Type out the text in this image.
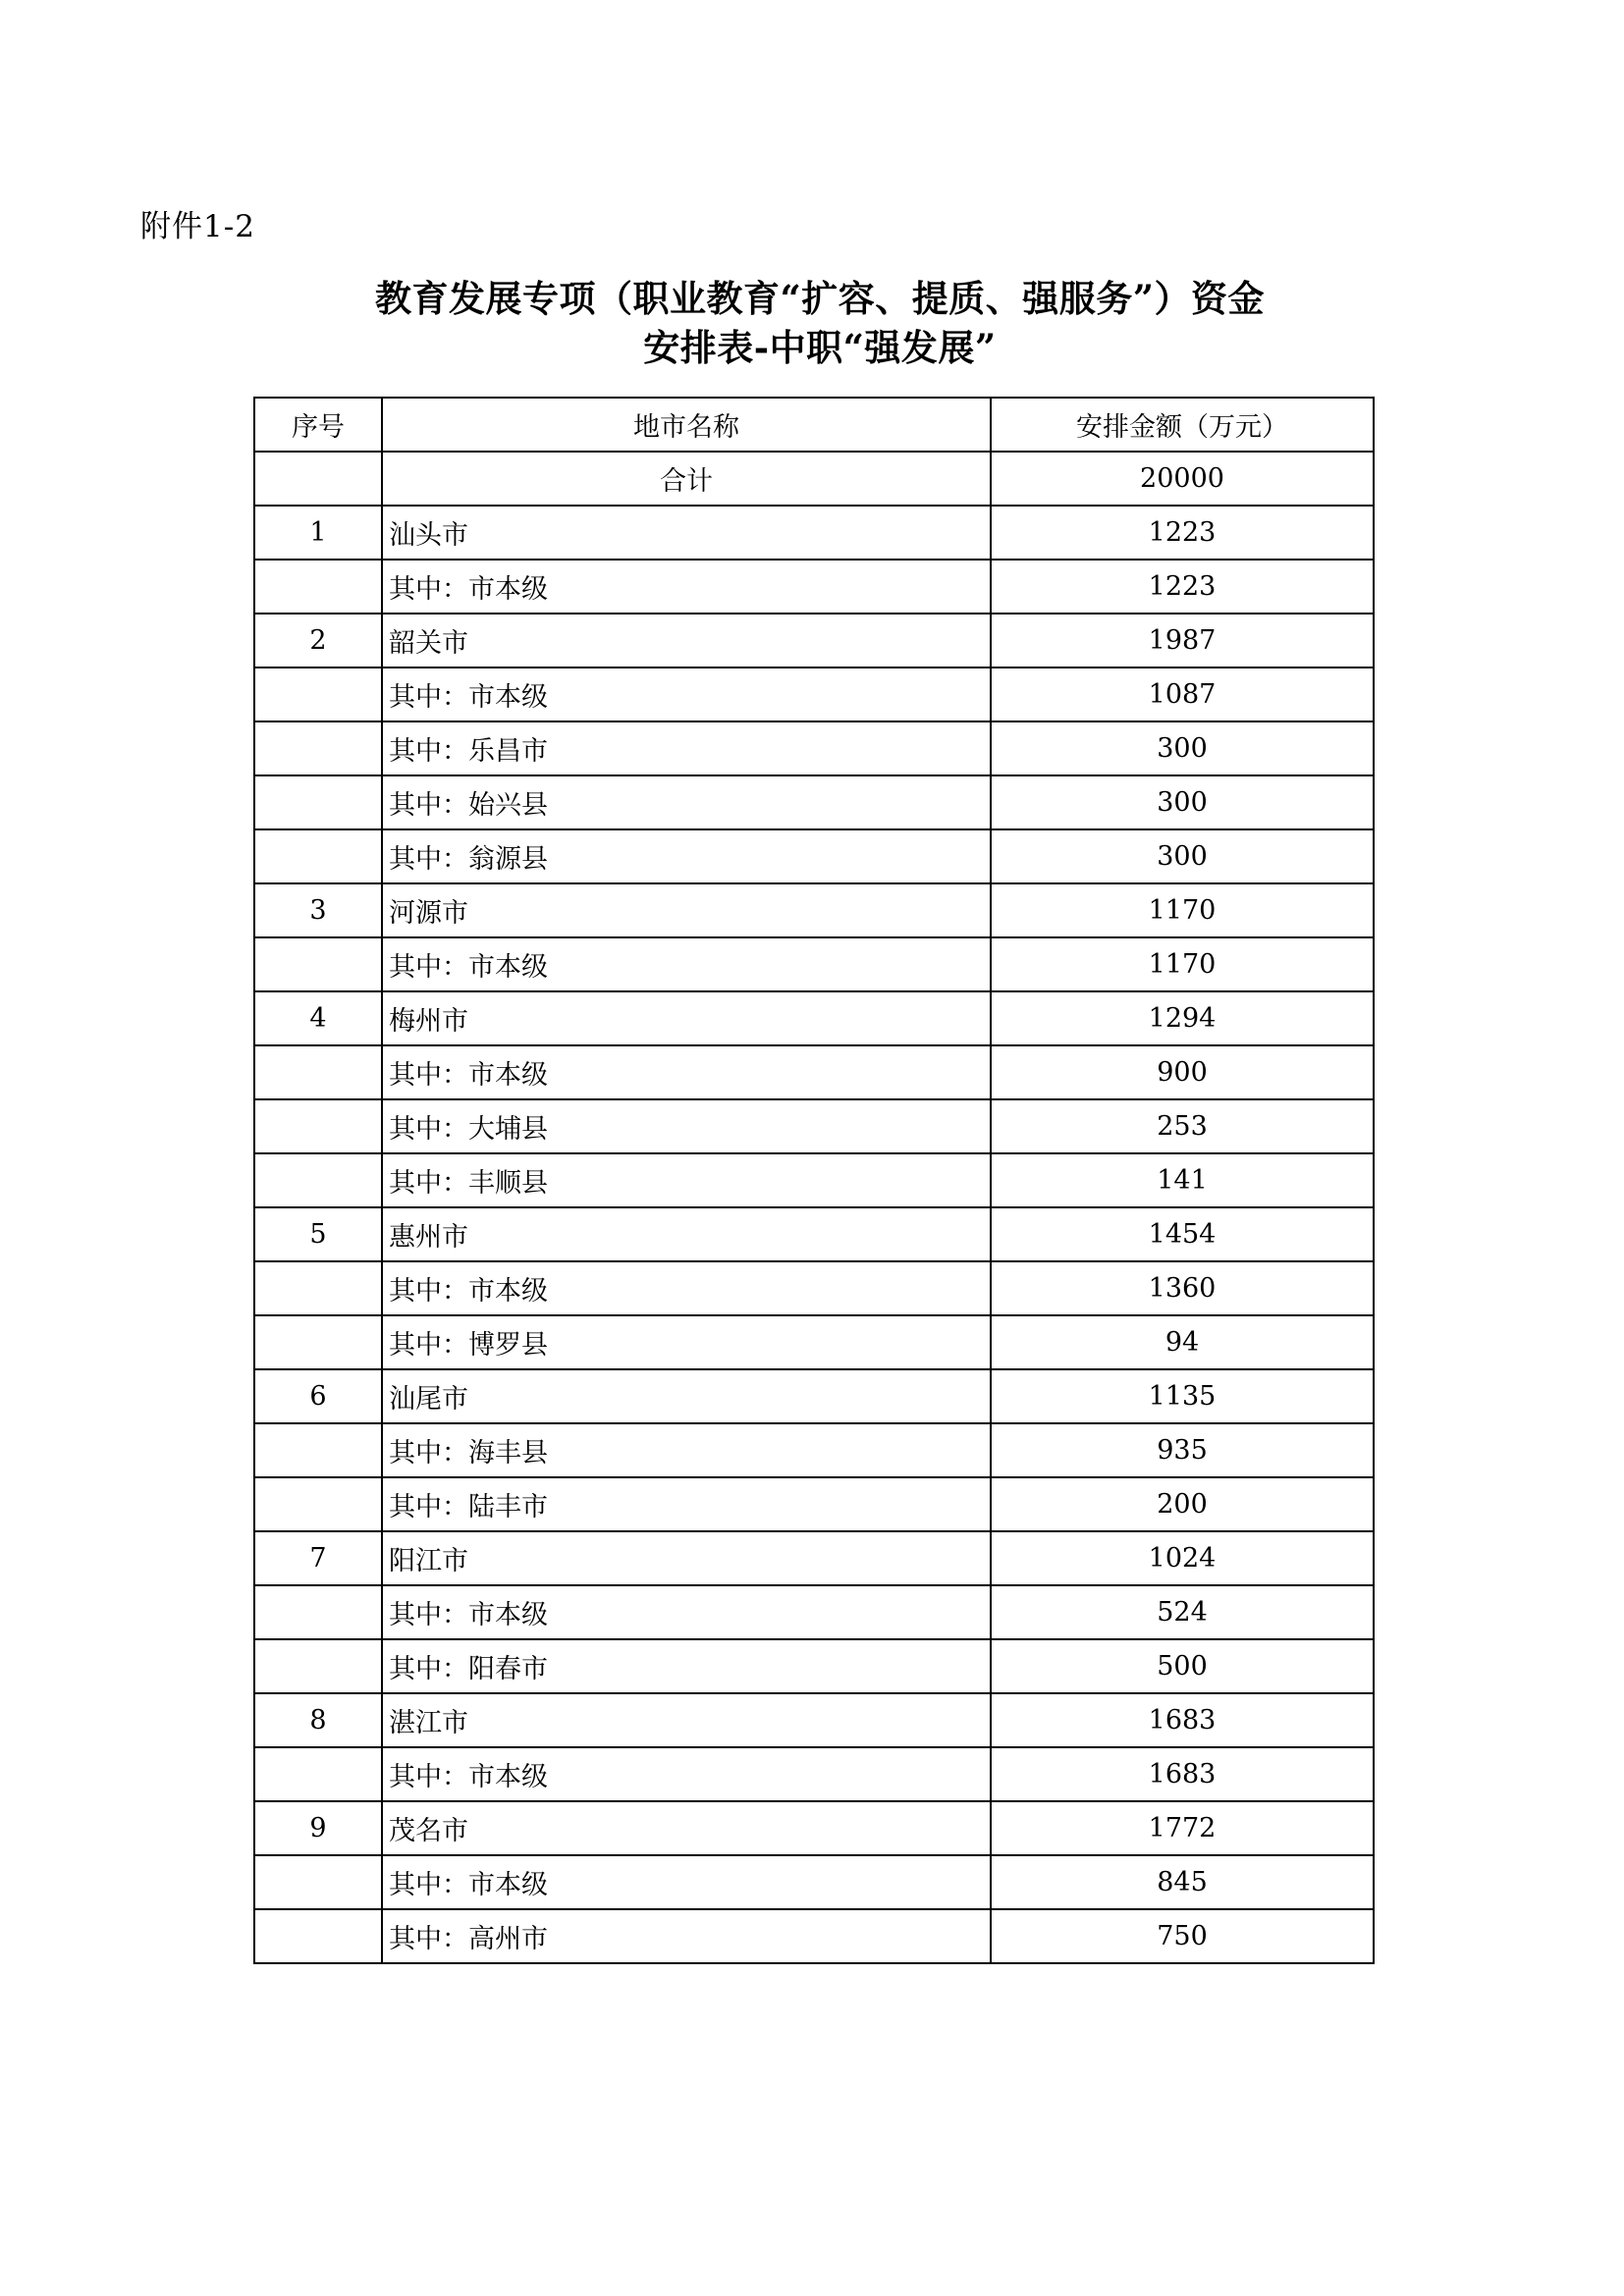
附件1-2
教育发展专项（职业教育“扩容、提质、强服务”）资金
安排表-中职“强发展”
序号	地市名称	安排金额（万元）
	合计	20000
1	汕头市	1223
	其中：市本级	1223
2	韶关市	1987
	其中：市本级	1087
	其中：乐昌市	300
	其中：始兴县	300
	其中：翁源县	300
3	河源市	1170
	其中：市本级	1170
4	梅州市	1294
	其中：市本级	900
	其中：大埔县	253
	其中：丰顺县	141
5	惠州市	1454
	其中：市本级	1360
	其中：博罗县	94
6	汕尾市	1135
	其中：海丰县	935
	其中：陆丰市	200
7	阳江市	1024
	其中：市本级	524
	其中：阳春市	500
8	湛江市	1683
	其中：市本级	1683
9	茂名市	1772
	其中：市本级	845
	其中：高州市	750
